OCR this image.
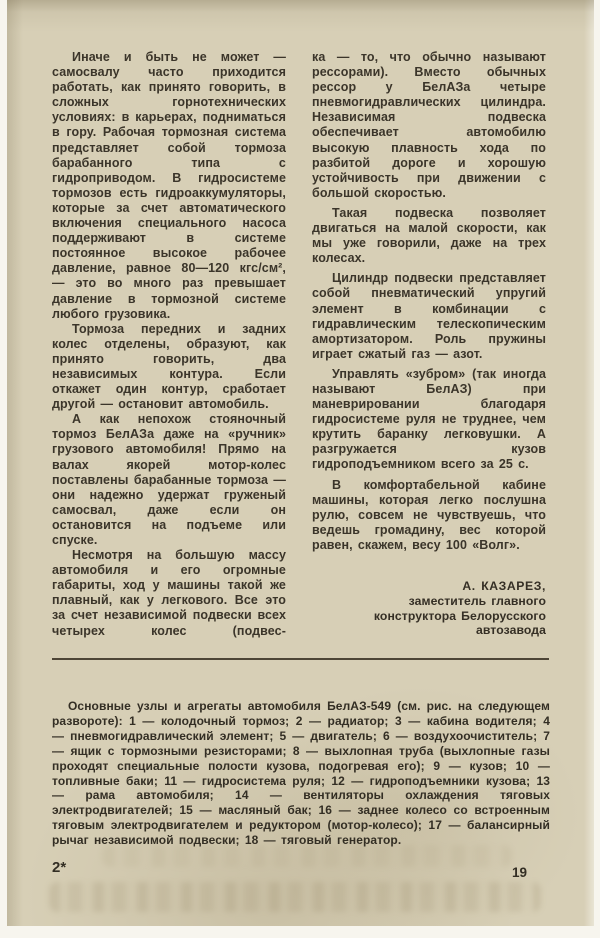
Иначе и быть не может — самосвалу часто приходится работать, как принято говорить, в сложных горнотехнических условиях: в карьерах, подниматься в гору. Рабочая тормозная система представляет собой тормоза барабанного типа с гидроприводом. В гидросистеме тормозов есть гидроаккумуляторы, которые за счет автоматического включения специального насоса поддерживают в системе постоянное высокое рабочее давление, равное 80—120 кгс/см², — это во много раз превышает давление в тормозной системе любого грузовика.

Тормоза передних и задних колес отделены, образуют, как принято говорить, два независимых контура. Если откажет один контур, сработает другой — остановит автомобиль.

А как непохож стояночный тормоз БелАЗа даже на «ручник» грузового автомобиля! Прямо на валах якорей мотор-колес поставлены барабанные тормоза — они надежно удержат груженый самосвал, даже если он остановится на подъеме или спуске.

Несмотря на большую массу автомобиля и его огромные габариты, ход у машины такой же плавный, как у легкового. Все это за счет независимой подвески всех четырех колес (подвес-

ка — то, что обычно называют рессорами). Вместо обычных рессор у БелАЗа четыре пневмогидравлических цилиндра. Независимая подвеска обеспечивает автомобилю высокую плавность хода по разбитой дороге и хорошую устойчивость при движении с большой скоростью.

Такая подвеска позволяет двигаться на малой скорости, как мы уже говорили, даже на трех колесах.

Цилиндр подвески представляет собой пневматический упругий элемент в комбинации с гидравлическим телескопическим амортизатором. Роль пружины играет сжатый газ — азот.

Управлять «зубром» (так иногда называют БелАЗ) при маневрировании благодаря гидросистеме руля не труднее, чем крутить баранку легковушки. А разгружается кузов гидроподъемником всего за 25 с.

В комфортабельной кабине машины, которая легко послушна рулю, совсем не чувствуешь, что ведешь громадину, вес которой равен, скажем, весу 100 «Волг».

А. КАЗАРЕЗ,
заместитель главного
конструктора Белорусского
автозавода

Основные узлы и агрегаты автомобиля БелАЗ-549 (см. рис. на следующем развороте): 1 — колодочный тормоз; 2 — радиатор; 3 — кабина водителя; 4 — пневмогидравлический элемент; 5 — двигатель; 6 — воздухоочиститель; 7 — ящик с тормозными резисторами; 8 — выхлопная труба (выхлопные газы проходят специальные полости кузова, подогревая его); 9 — кузов; 10 — топливные баки; 11 — гидросистема руля; 12 — гидроподъемники кузова; 13 — рама автомобиля; 14 — вентиляторы охлаждения тяговых электродвигателей; 15 — масляный бак; 16 — заднее колесо со встроенным тяговым электродвигателем и редуктором (мотор-колесо); 17 — балансирный рычаг независимой подвески; 18 — тяговый генератор.

2*	19
